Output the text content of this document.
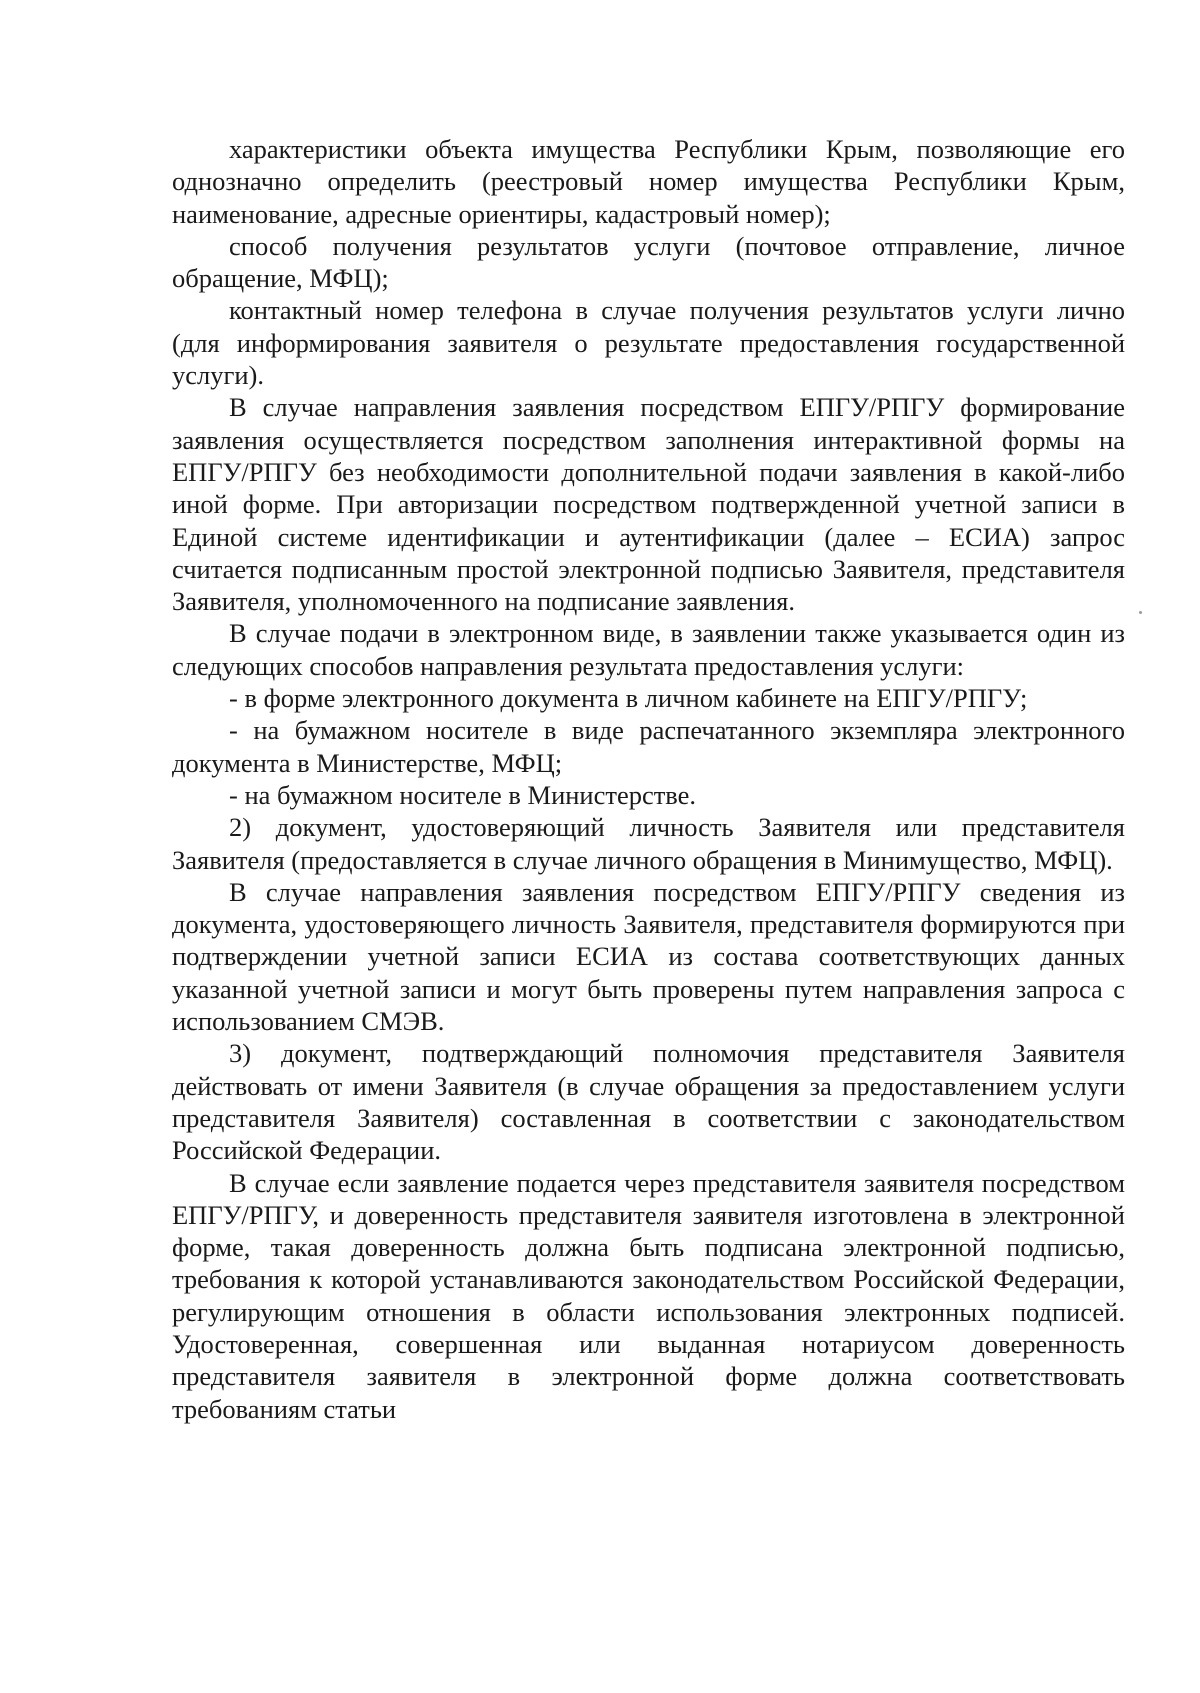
характеристики объекта имущества Республики Крым, позволяющие его однозначно определить (реестровый номер имущества Республики Крым, наименование, адресные ориентиры, кадастровый номер);

способ получения результатов услуги (почтовое отправление, личное обращение, МФЦ);

контактный номер телефона в случае получения результатов услуги лично (для информирования заявителя о результате предоставления государственной услуги).

В случае направления заявления посредством ЕПГУ/РПГУ формирование заявления осуществляется посредством заполнения интерактивной формы на ЕПГУ/РПГУ без необходимости дополнительной подачи заявления в какой-либо иной форме. При авторизации посредством подтвержденной учетной записи в Единой системе идентификации и аутентификации (далее – ЕСИА) запрос считается подписанным простой электронной подписью Заявителя, представителя Заявителя, уполномоченного на подписание заявления.

В случае подачи в электронном виде, в заявлении также указывается один из следующих способов направления результата предоставления услуги:

- в форме электронного документа в личном кабинете на ЕПГУ/РПГУ;

- на бумажном носителе в виде распечатанного экземпляра электронного документа в Министерстве, МФЦ;

- на бумажном носителе в Министерстве.

2) документ, удостоверяющий личность Заявителя или представителя Заявителя (предоставляется в случае личного обращения в Минимущество, МФЦ).

В случае направления заявления посредством ЕПГУ/РПГУ сведения из документа, удостоверяющего личность Заявителя, представителя формируются при подтверждении учетной записи ЕСИА из состава соответствующих данных указанной учетной записи и могут быть проверены путем направления запроса с использованием СМЭВ.

3) документ, подтверждающий полномочия представителя Заявителя действовать от имени Заявителя (в случае обращения за предоставлением услуги представителя Заявителя) составленная в соответствии с законодательством Российской Федерации.

В случае если заявление подается через представителя заявителя посредством ЕПГУ/РПГУ, и доверенность представителя заявителя изготовлена в электронной форме, такая доверенность должна быть подписана электронной подписью, требования к которой устанавливаются законодательством Российской Федерации, регулирующим отношения в области использования электронных подписей. Удостоверенная, совершенная или выданная нотариусом доверенность представителя заявителя в электронной форме должна соответствовать требованиям статьи
